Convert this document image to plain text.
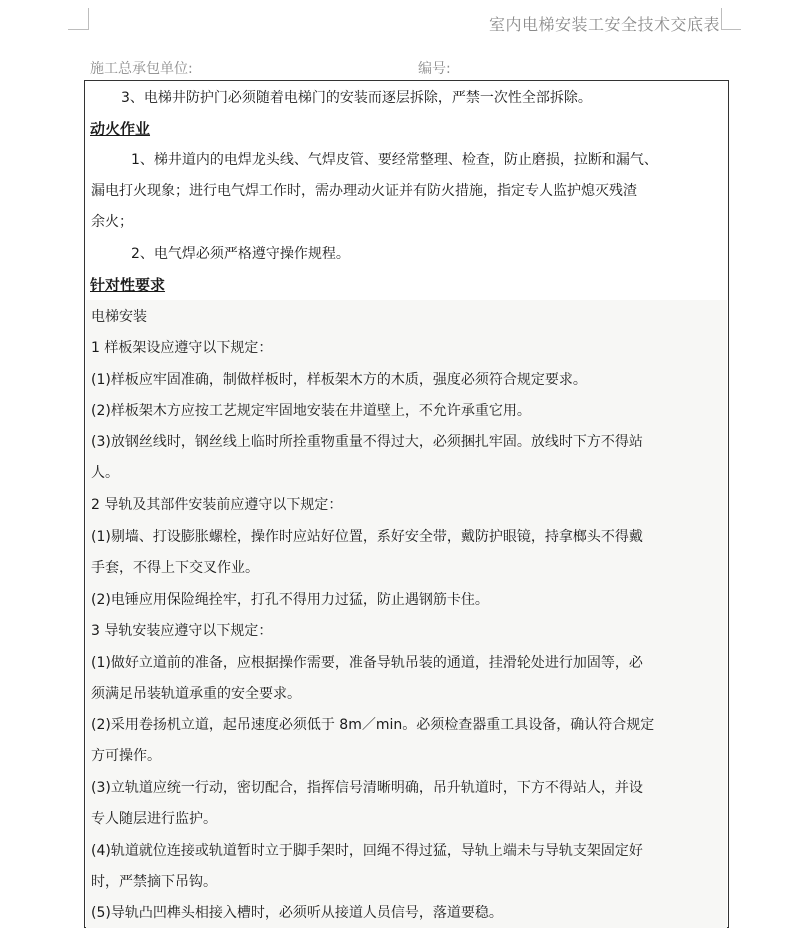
室内电梯安装工安全技术交底表
施工总承包单位:	编号:
3、电梯井防护门必须随着电梯门的安装而逐层拆除，严禁一次性全部拆除。
动火作业
1、梯井道内的电焊龙头线、气焊皮管、要经常整理、检查，防止磨损，拉断和漏气、
漏电打火现象；进行电气焊工作时，需办理动火证并有防火措施，指定专人监护熄灭残渣
余火；
2、电气焊必须严格遵守操作规程。
针对性要求
电梯安装
1 样板架设应遵守以下规定：
(1)样板应牢固准确，制做样板时，样板架木方的木质，强度必须符合规定要求。
(2)样板架木方应按工艺规定牢固地安装在井道壁上，不允许承重它用。
(3)放钢丝线时，钢丝线上临时所拴重物重量不得过大，必须捆扎牢固。放线时下方不得站
人。
2 导轨及其部件安装前应遵守以下规定：
(1)剔墙、打设膨胀螺栓，操作时应站好位置，系好安全带，戴防护眼镜，持拿榔头不得戴
手套，不得上下交叉作业。
(2)电锤应用保险绳拴牢，打孔不得用力过猛，防止遇钢筋卡住。
3 导轨安装应遵守以下规定：
(1)做好立道前的准备，应根据操作需要，准备导轨吊装的通道，挂滑轮处进行加固等，必
须满足吊装轨道承重的安全要求。
(2)采用卷扬机立道，起吊速度必须低于 8m／min。必须检查器重工具设备，确认符合规定
方可操作。
(3)立轨道应统一行动，密切配合，指挥信号清晰明确，吊升轨道时，下方不得站人，并设
专人随层进行监护。
(4)轨道就位连接或轨道暂时立于脚手架时，回绳不得过猛，导轨上端未与导轨支架固定好
时，严禁摘下吊钩。
(5)导轨凸凹榫头相接入槽时，必须听从接道人员信号，落道要稳。
